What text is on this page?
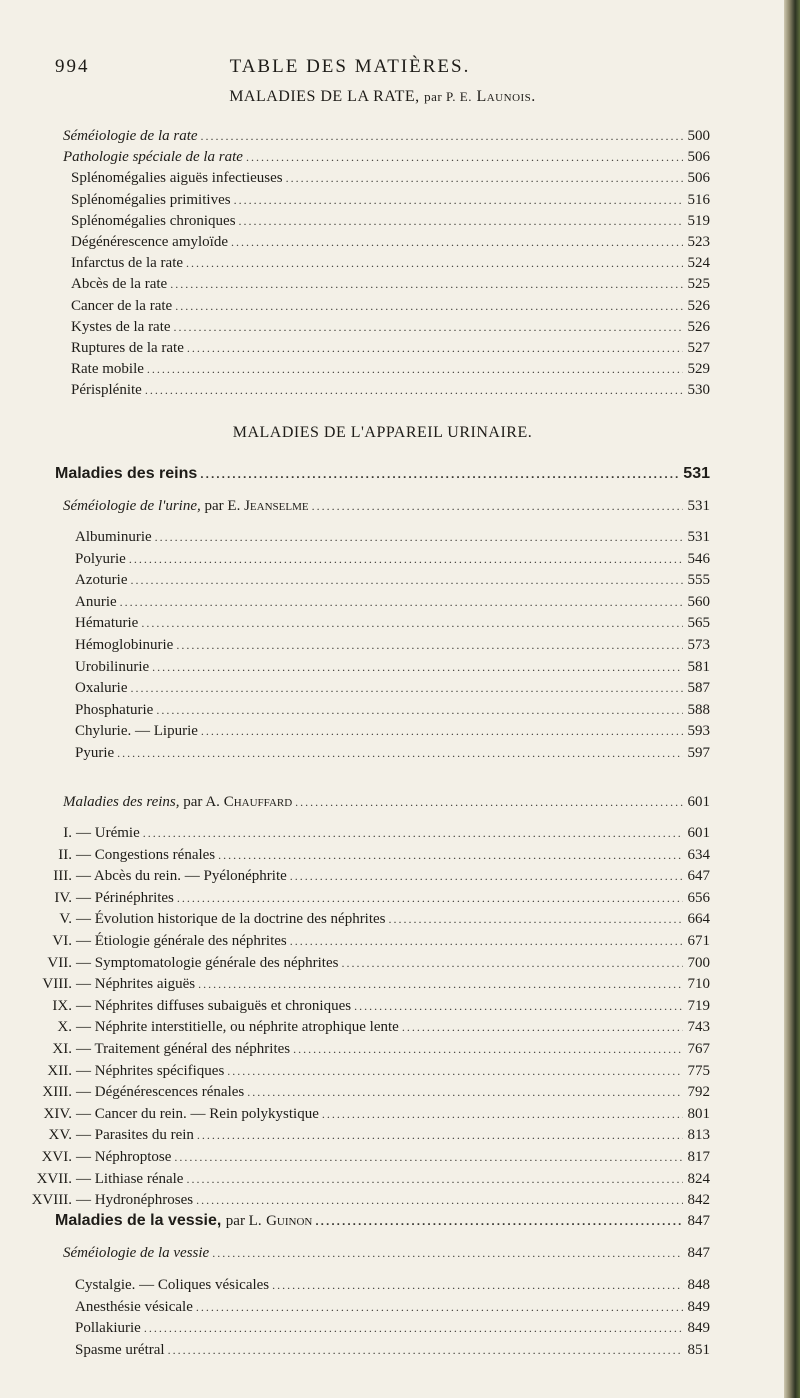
994	TABLE DES MATIÈRES.
MALADIES DE LA RATE, par P. E. Launois.
Séméiologie de la rate .....	500
Pathologie spéciale de la rate .....	506
Splénomégalies aiguës infectieuses .....	506
Splénomégalies primitives .....	516
Splénomégalies chroniques .....	519
Dégénérescence amyloïde .....	523
Infarctus de la rate .....	524
Abcès de la rate .....	525
Cancer de la rate .....	526
Kystes de la rate .....	526
Ruptures de la rate .....	527
Rate mobile .....	529
Périsplénite .....	530
MALADIES DE L'APPAREIL URINAIRE.
Maladies des reins .....	531
Séméiologie de l'urine, par E. Jeanselme .....	531
Albuminurie .....	531
Polyurie .....	546
Azoturie .....	555
Anurie .....	560
Hématurie .....	565
Hémoglobinurie .....	573
Urobilinurie .....	581
Oxalurie .....	587
Phosphaturie .....	588
Chylurie. — Lipurie .....	593
Pyurie .....	597
Maladies des reins, par A. Chauffard .....	601
I. — Urémie .....	601
II. — Congestions rénales .....	634
III. — Abcès du rein. — Pyélonéphrite .....	647
IV. — Périnéphrites .....	656
V. — Évolution historique de la doctrine des néphrites .....	664
VI. — Étiologie générale des néphrites .....	671
VII. — Symptomatologie générale des néphrites .....	700
VIII. — Néphrites aiguës .....	710
IX. — Néphrites diffuses subaiguës et chroniques .....	719
X. — Néphrite interstitielle, ou néphrite atrophique lente .....	743
XI. — Traitement général des néphrites .....	767
XII. — Néphrites spécifiques .....	775
XIII. — Dégénérescences rénales .....	792
XIV. — Cancer du rein. — Rein polykystique .....	801
XV. — Parasites du rein .....	813
XVI. — Néphroptose .....	817
XVII. — Lithiase rénale .....	824
XVIII. — Hydronéphroses .....	842
Maladies de la vessie, par L. Guinon .....	847
Séméiologie de la vessie .....	847
Cystalgie. — Coliques vésicales .....	848
Anesthésie vésicale .....	849
Pollakiurie .....	849
Spasme urétral .....	851
